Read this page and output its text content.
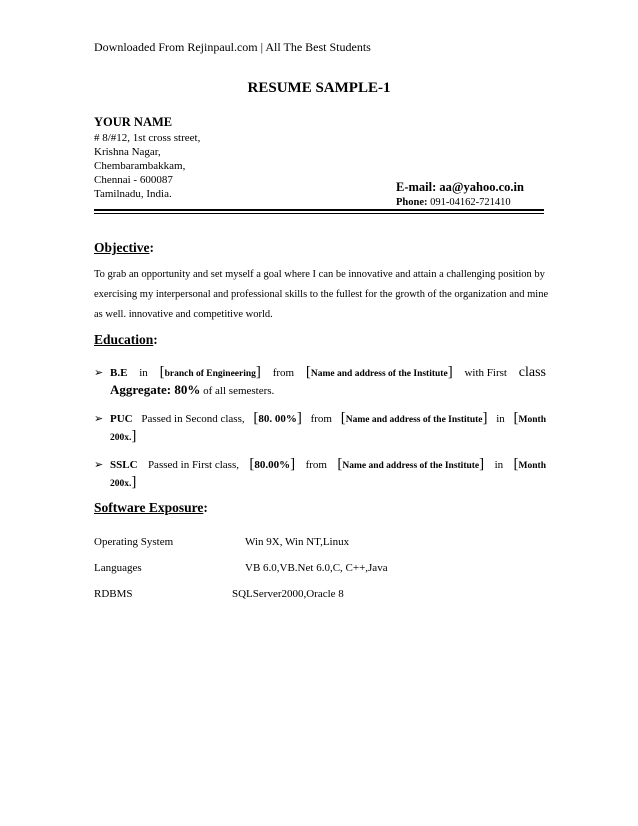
Downloaded From Rejinpaul.com | All The Best Students
RESUME SAMPLE-1
YOUR NAME
# 8/#12, 1st cross street,
Krishna Nagar,
Chembarambakkam,
Chennai - 600087
Tamilnadu, India.	E-mail: aa@yahoo.co.in
Phone: 091-04162-721410
Objective:
To grab an opportunity and set myself a goal where I can be innovative and attain a challenging position by exercising my interpersonal and professional skills to the fullest for the growth of the organization and mine as well. innovative and competitive world.
Education:
➢ B.E in [branch of Engineering] from [Name and address of the Institute] with First class
Aggregate: 80% of all semesters.
➢ PUC Passed in Second class, [80. 00%] from [Name and address of the Institute] in [Month
200x.]
➢ SSLC Passed in First class, [80.00%] from [Name and address of the Institute] in [Month
200x.]
Software Exposure:
Operating System	Win 9X, Win NT,Linux
Languages	VB 6.0,VB.Net 6.0,C, C++,Java
RDBMS	SQLServer2000,Oracle 8
